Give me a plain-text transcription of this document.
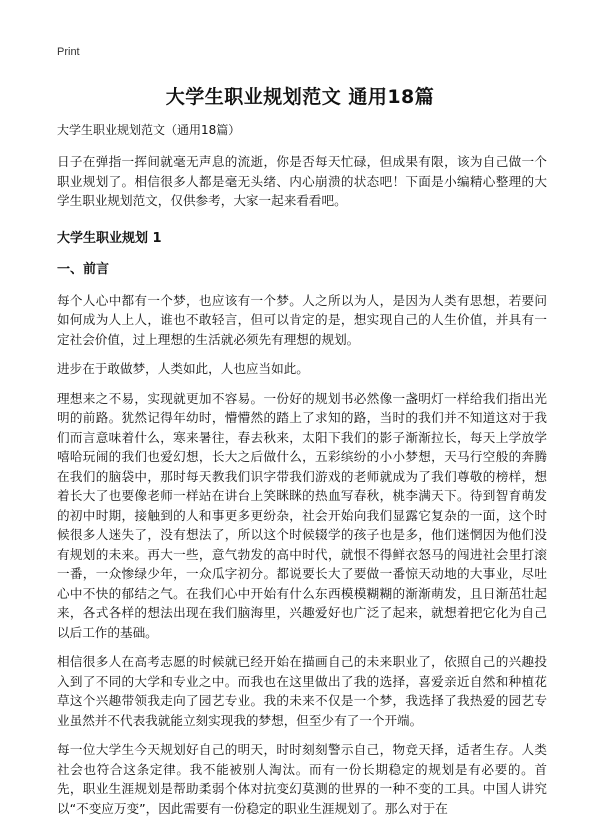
Print
大学生职业规划范文 通用18篇

大学生职业规划范文（通用18篇）

日子在弹指一挥间就毫无声息的流逝，你是否每天忙碌，但成果有限，该为自己做一个职业规划了。相信很多人都是毫无头绪、内心崩溃的状态吧！下面是小编精心整理的大学生职业规划范文，仅供参考，大家一起来看看吧。

大学生职业规划 1
一、前言

每个人心中都有一个梦，也应该有一个梦。人之所以为人，是因为人类有思想，若要问如何成为人上人，谁也不敢轻言，但可以肯定的是，想实现自己的人生价值，并具有一定社会价值，过上理想的生活就必须先有理想的规划。

进步在于敢做梦，人类如此，人也应当如此。

理想来之不易，实现就更加不容易。一份好的规划书必然像一盏明灯一样给我们指出光明的前路。犹然记得年幼时，懵懵然的踏上了求知的路，当时的我们并不知道这对于我们而言意味着什么，寒来暑往，春去秋来，太阳下我们的影子渐渐拉长，每天上学放学嘻哈玩闹的我们也爱幻想，长大之后做什么，五彩缤纷的小小梦想，天马行空般的奔腾在我们的脑袋中，那时每天教我们识字带我们游戏的老师就成为了我们尊敬的榜样，想着长大了也要像老师一样站在讲台上笑眯眯的热血写春秋，桃李满天下。待到智育萌发的初中时期，接触到的人和事更多更纷杂，社会开始向我们显露它复杂的一面，这个时候很多人迷失了，没有想法了，所以这个时候辍学的孩子也是多，他们迷惘因为他们没有规划的未来。再大一些，意气勃发的高中时代，就恨不得鲜衣怒马的闯进社会里打滚一番，一众惨绿少年，一众瓜字初分。都说要长大了要做一番惊天动地的大事业，尽吐心中不快的郁结之气。在我们心中开始有什么东西模模糊糊的渐渐萌发，且日渐茁壮起来，各式各样的想法出现在我们脑海里，兴趣爱好也广泛了起来，就想着把它化为自己以后工作的基础。

相信很多人在高考志愿的时候就已经开始在描画自己的未来职业了，依照自己的兴趣投入到了不同的大学和专业之中。而我也在这里做出了我的选择，喜爱亲近自然和种植花草这个兴趣带领我走向了园艺专业。我的未来不仅是一个梦，我选择了我热爱的园艺专业虽然并不代表我就能立刻实现我的梦想，但至少有了一个开端。

每一位大学生今天规划好自己的明天，时时刻刻警示自己，物竞天择，适者生存。人类社会也符合这条定律。我不能被别人淘汰。而有一份长期稳定的规划是有必要的。首先，职业生涯规划是帮助柔弱个体对抗变幻莫测的世界的一种不变的工具。中国人讲究以“不变应万变”，因此需要有一份稳定的职业生涯规划了。那么对于在
